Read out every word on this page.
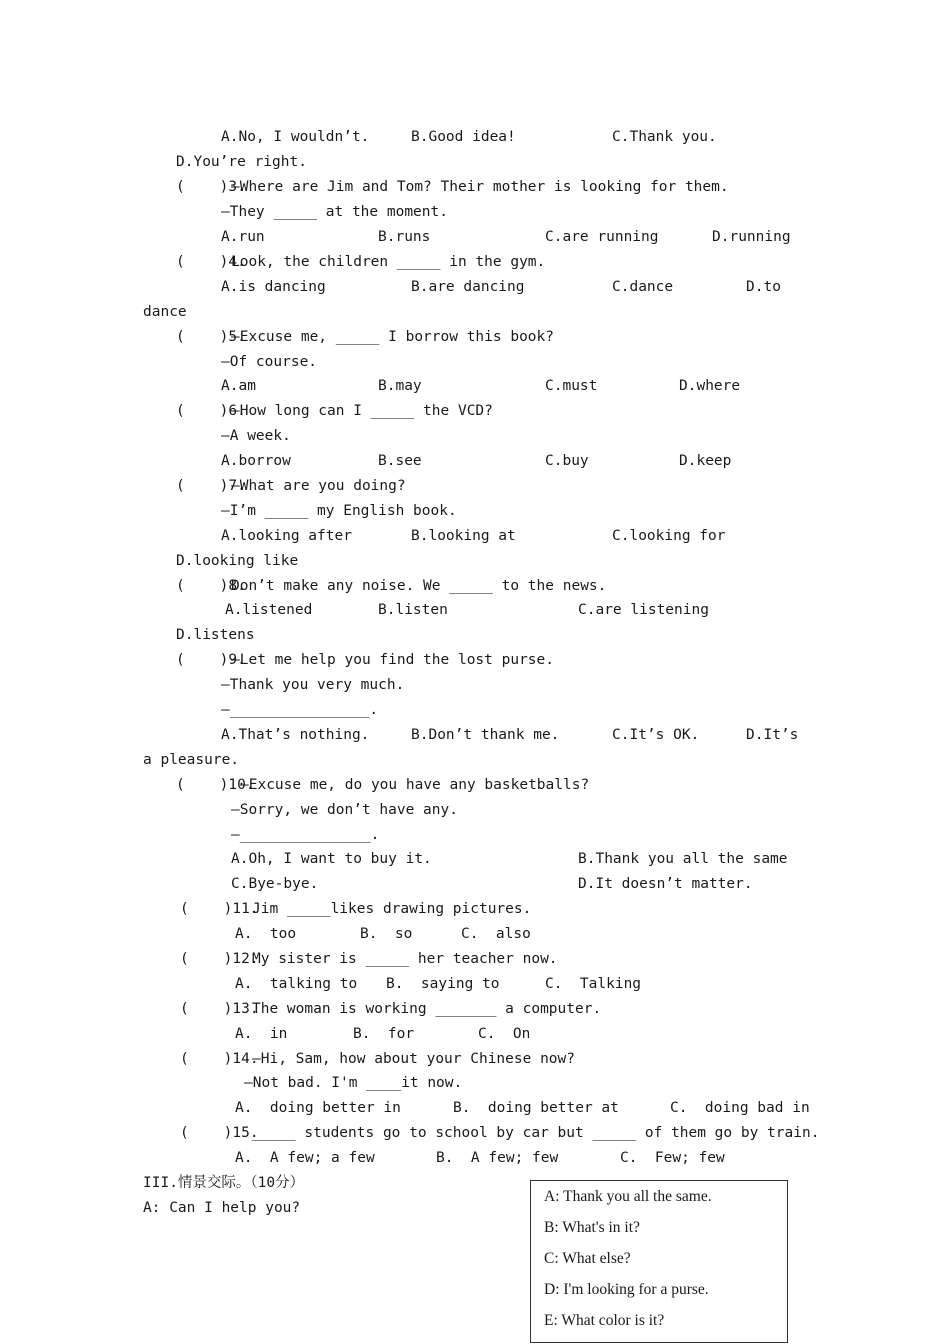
A.No, I wouldn’t.	B.Good idea!	C.Thank you.
D.You’re right.
(    )3.
—Where are Jim and Tom? Their mother is looking for them.
—They _____ at the moment.
A.run	B.runs	C.are running	D.running
(    )4.
Look, the children _____ in the gym.
A.is dancing	B.are dancing	C.dance	D.to
dance
(    )5.
—Excuse me, _____ I borrow this book?
—Of course.
A.am	B.may	C.must	D.where
(    )6.
—How long can I _____ the VCD?
—A week.
A.borrow	B.see	C.buy	D.keep
(    )7.
—What are you doing?
—I’m _____ my English book.
A.looking after	B.looking at	C.looking for
D.looking like
(    )8.
Don’t make any noise. We _____ to the news.
A.listened	B.listen	C.are listening
D.listens
(    )9.
—Let me help you find the lost purse.
—Thank you very much.
—________________.
A.That’s nothing.	B.Don’t thank me.	C.It’s OK.	D.It’s
a pleasure.
(    )10.
—Excuse me, do you have any basketballs?
—Sorry, we don’t have any.
—_______________.
A.Oh, I want to buy it.	B.Thank you all the same
C.Bye-bye.	D.It doesn’t matter.
(    )11.
Jim _____likes drawing pictures.
A.  too	B.  so	C.  also
(    )12.
My sister is _____ her teacher now.
A.  talking to B.  saying to	C.  Talking
(    )13.
The woman is working _______ a computer.
A.  in	B.  for	C.  On
(    )14.
—Hi, Sam, how about your Chinese now?
—Not bad. I'm ____it now.
A.  doing better in	B.  doing better at	C.  doing bad in
(    )15.
_____ students go to school by car but _____ of them go by train.
A.  A few; a few	B.  A few; few	C.  Few; few
III.情景交际。（10分）
A: Can I help you?
A: Thank you all the same.
B: What's in it?
C: What else?
D: I'm looking for a purse.
E: What color is it?
